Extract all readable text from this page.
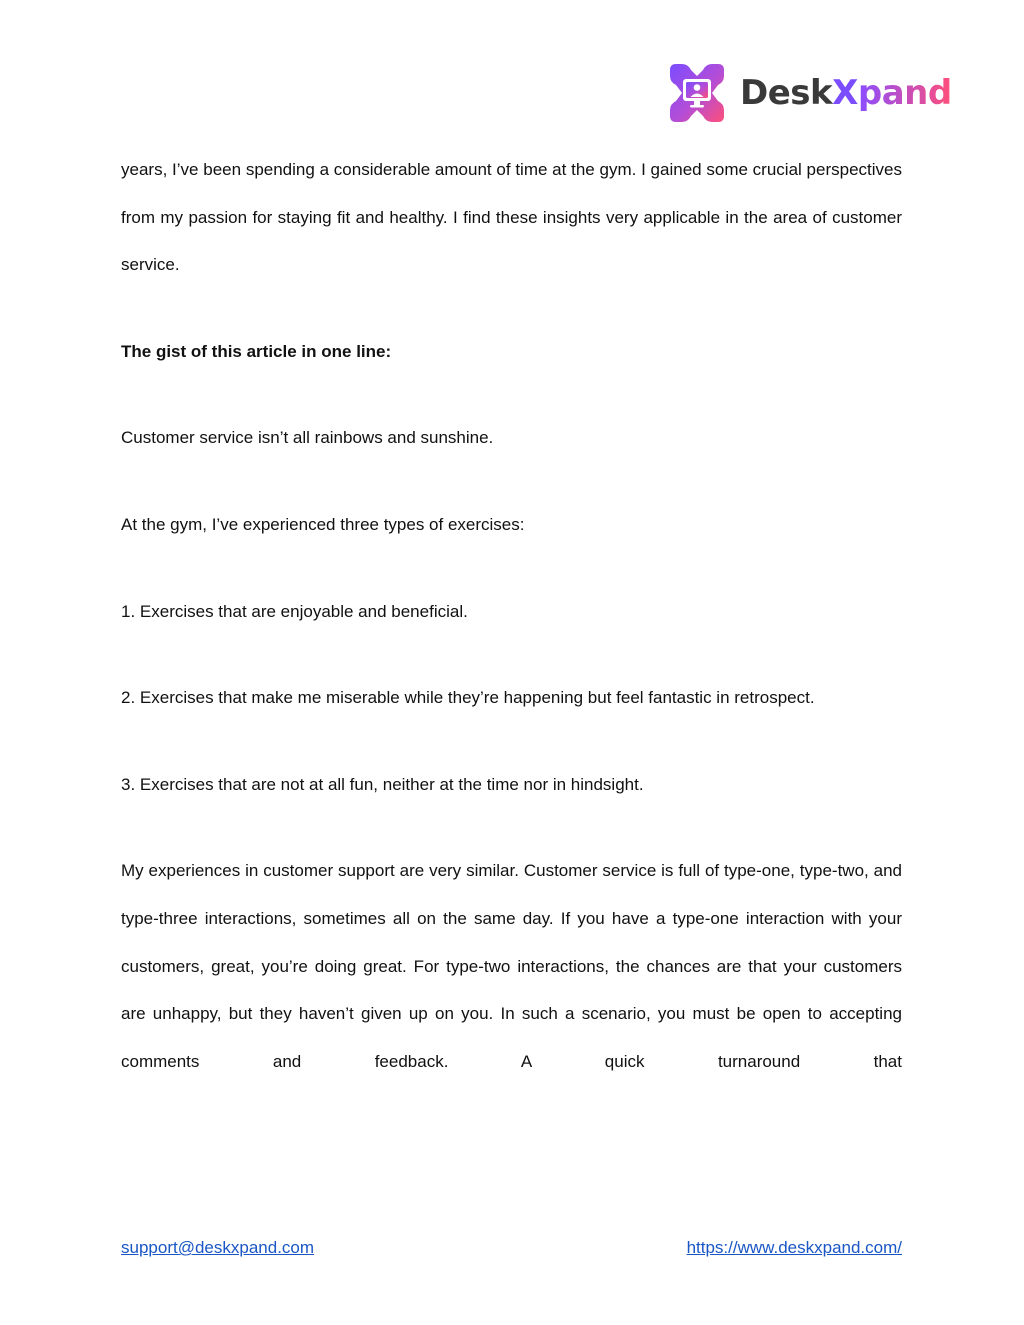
DeskXpand

years, I’ve been spending a considerable amount of time at the gym. I gained some crucial perspectives from my passion for staying fit and healthy. I find these insights very applicable in the area of customer service.

The gist of this article in one line:

Customer service isn’t all rainbows and sunshine.

At the gym, I’ve experienced three types of exercises:

1. Exercises that are enjoyable and beneficial.

2. Exercises that make me miserable while they’re happening but feel fantastic in retrospect.

3. Exercises that are not at all fun, neither at the time nor in hindsight.

My experiences in customer support are very similar. Customer service is full of type-one, type-two, and type-three interactions, sometimes all on the same day. If you have a type-one interaction with your customers, great, you’re doing great. For type-two interactions, the chances are that your customers are unhappy, but they haven’t given up on you. In such a scenario, you must be open to accepting comments and feedback. A quick turnaround that

support@deskxpand.com	https://www.deskxpand.com/
